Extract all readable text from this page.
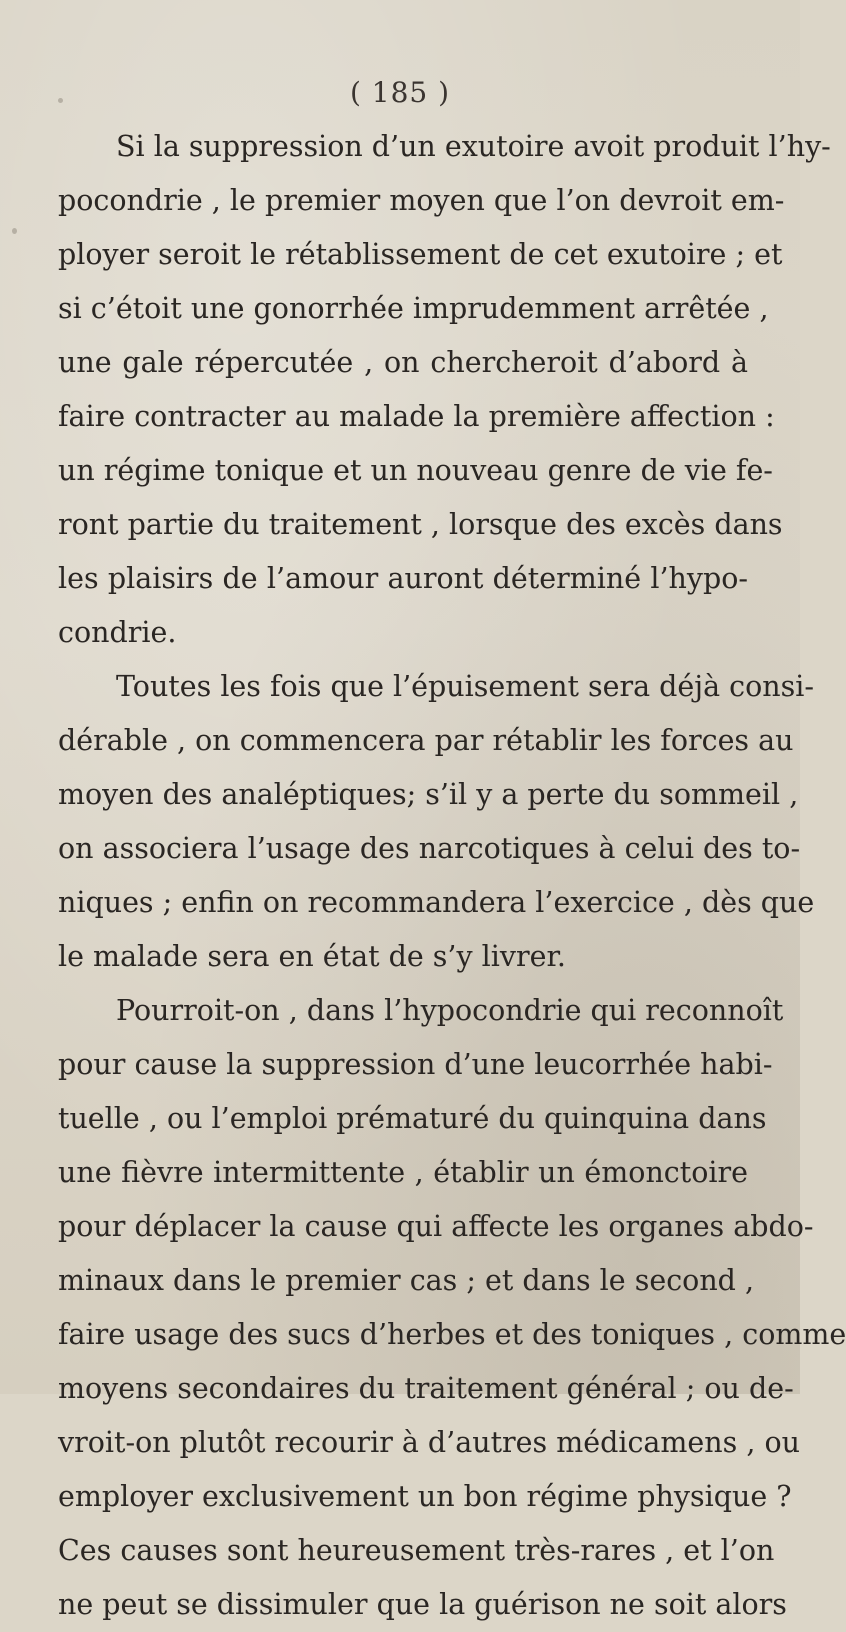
( 185 )
Si la suppression d’un exutoire avoit produit l’hy-
pocondrie , le premier moyen que l’on devroit em-
ployer seroit le rétablissement de cet exutoire ; et
si c’étoit une gonorrhée imprudemment arrêtée ,
une gale répercutée , on chercheroit d’abord à
faire contracter au malade la première affection :
un régime tonique et un nouveau genre de vie fe-
ront partie du traitement , lorsque des excès dans
les plaisirs de l’amour auront déterminé l’hypo-
condrie.
Toutes les fois que l’épuisement sera déjà consi-
dérable , on commencera par rétablir les forces au
moyen des analéptiques; s’il y a perte du sommeil ,
on associera l’usage des narcotiques à celui des to-
niques ; enfin on recommandera l’exercice , dès que
le malade sera en état de s’y livrer.
Pourroit-on , dans l’hypocondrie qui reconnoît
pour cause la suppression d’une leucorrhée habi-
tuelle , ou l’emploi prématuré du quinquina dans
une fièvre intermittente , établir un émonctoire
pour déplacer la cause qui affecte les organes abdo-
minaux dans le premier cas ; et dans le second ,
faire usage des sucs d’herbes et des toniques , comme
moyens secondaires du traitement général ; ou de-
vroit-on plutôt recourir à d’autres médicamens , ou
employer exclusivement un bon régime physique ?
Ces causes sont heureusement très-rares , et l’on
ne peut se dissimuler que la guérison ne soit alors
